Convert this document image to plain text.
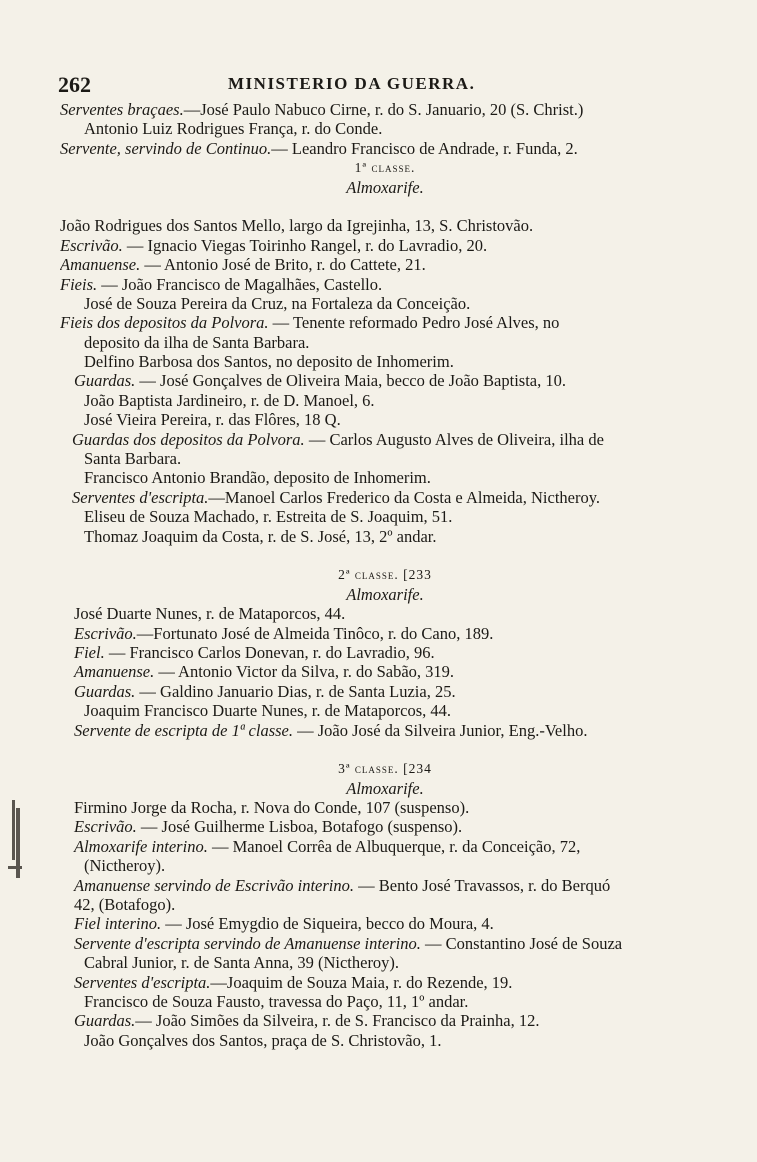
262	MINISTERIO DA GUERRA.
Serventes braçaes.—José Paulo Nabuco Cirne, r. do S. Januario, 20 (S. Christ.)
Antonio Luiz Rodrigues França, r. do Conde.
Servente, servindo de Continuo.— Leandro Francisco de Andrade, r. Funda, 2.
1ª classe.
Almoxarife.
João Rodrigues dos Santos Mello, largo da Igrejinha, 13, S. Christovão.
Escrivão. — Ignacio Viegas Toirinho Rangel, r. do Lavradio, 20.
Amanuense. — Antonio José de Brito, r. do Cattete, 21.
Fieis. — João Francisco de Magalhães, Castello.
José de Souza Pereira da Cruz, na Fortaleza da Conceição.
Fieis dos depositos da Polvora. — Tenente reformado Pedro José Alves, no
deposito da ilha de Santa Barbara.
Delfino Barbosa dos Santos, no deposito de Inhomerim.
Guardas. — José Gonçalves de Oliveira Maia, becco de João Baptista, 10.
João Baptista Jardineiro, r. de D. Manoel, 6.
José Vieira Pereira, r. das Flôres, 18 Q.
Guardas dos depositos da Polvora. — Carlos Augusto Alves de Oliveira, ilha de
Santa Barbara.
Francisco Antonio Brandão, deposito de Inhomerim.
Serventes d'escripta.—Manoel Carlos Frederico da Costa e Almeida, Nictheroy.
Eliseu de Souza Machado, r. Estreita de S. Joaquim, 51.
Thomaz Joaquim da Costa, r. de S. José, 13, 2º andar.
2ª classe. [233
Almoxarife.
José Duarte Nunes, r. de Mataporcos, 44.
Escrivão.—Fortunato José de Almeida Tinôco, r. do Cano, 189.
Fiel. — Francisco Carlos Donevan, r. do Lavradio, 96.
Amanuense. — Antonio Victor da Silva, r. do Sabão, 319.
Guardas. — Galdino Januario Dias, r. de Santa Luzia, 25.
Joaquim Francisco Duarte Nunes, r. de Mataporcos, 44.
Servente de escripta de 1ª classe. — João José da Silveira Junior, Eng.-Velho.
3ª classe. [234
Almoxarife.
Firmino Jorge da Rocha, r. Nova do Conde, 107 (suspenso).
Escrivão. — José Guilherme Lisboa, Botafogo (suspenso).
Almoxarife interino. — Manoel Corrêa de Albuquerque, r. da Conceição, 72,
(Nictheroy).
Amanuense servindo de Escrivão interino. — Bento José Travassos, r. do Berquó
42, (Botafogo).
Fiel interino. — José Emygdio de Siqueira, becco do Moura, 4.
Servente d'escripta servindo de Amanuense interino. — Constantino José de Souza
Cabral Junior, r. de Santa Anna, 39 (Nictheroy).
Serventes d'escripta.—Joaquim de Souza Maia, r. do Rezende, 19.
Francisco de Souza Fausto, travessa do Paço, 11, 1º andar.
Guardas.— João Simões da Silveira, r. de S. Francisco da Prainha, 12.
João Gonçalves dos Santos, praça de S. Christovão, 1.
